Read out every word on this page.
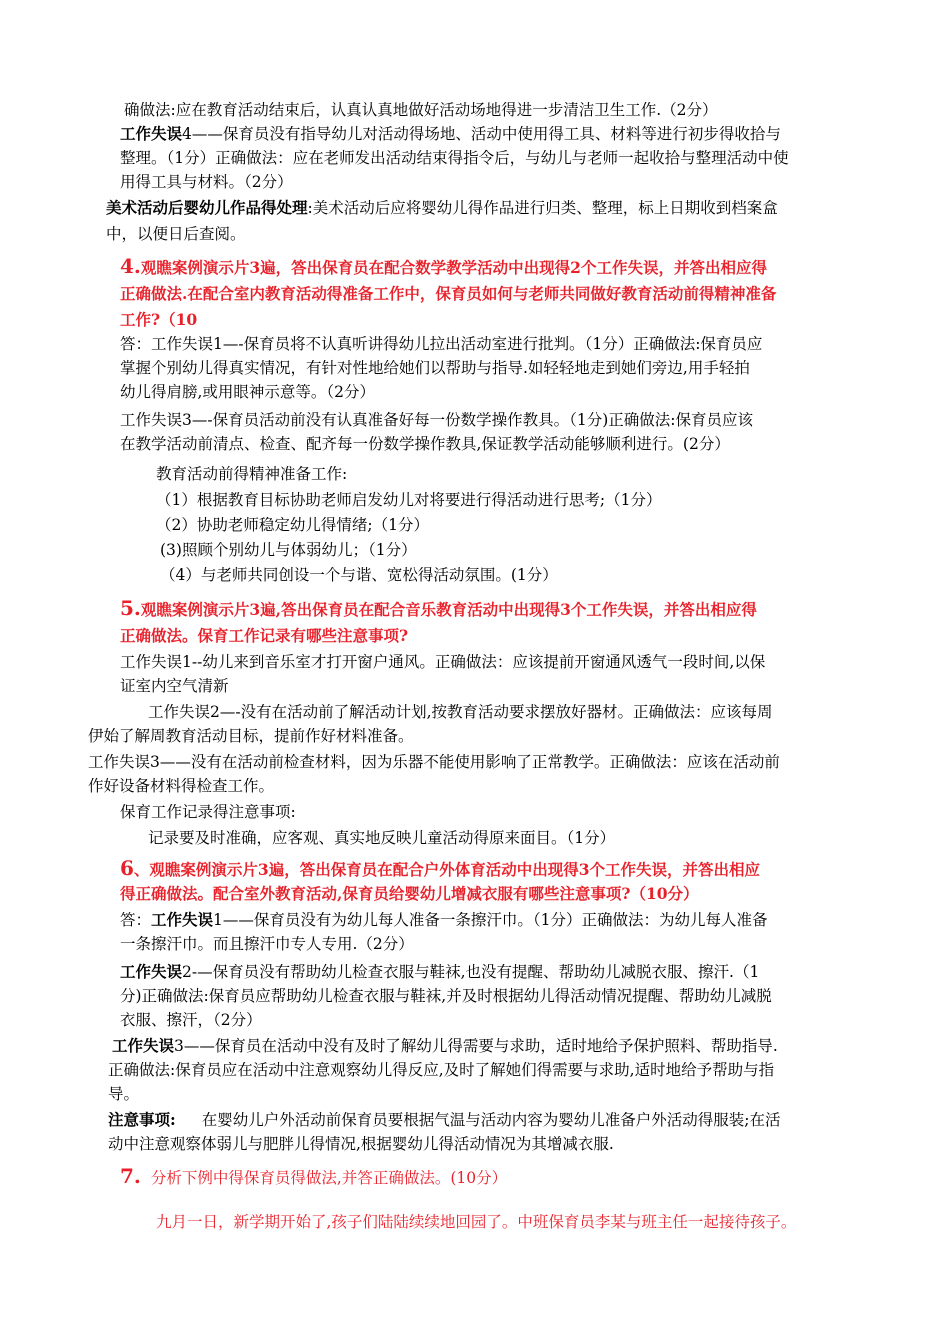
确做法:应在教育活动结束后，认真认真地做好活动场地得进一步清洁卫生工作.（2分）
工作失误4——保育员没有指导幼儿对活动得场地、活动中使用得工具、材料等进行初步得收拾与
整理。（1分）正确做法：应在老师发出活动结束得指令后，与幼儿与老师一起收拾与整理活动中使
用得工具与材料。（2分）
美术活动后婴幼儿作品得处理:美术活动后应将婴幼儿得作品进行归类、整理，标上日期收到档案盒
中，以便日后查阅。
4.观瞧案例演示片3遍，答出保育员在配合数学教学活动中出现得2个工作失误，并答出相应得
正确做法.在配合室内教育活动得准备工作中，保育员如何与老师共同做好教育活动前得精神准备
工作?（10
答：工作失误1—-保育员将不认真听讲得幼儿拉出活动室进行批判。（1分）正确做法:保育员应
掌握个别幼儿得真实情况，有针对性地给她们以帮助与指导.如轻轻地走到她们旁边,用手轻拍
幼儿得肩膀,或用眼神示意等。（2分）
工作失误3—-保育员活动前没有认真准备好每一份数学操作教具。（1分)正确做法:保育员应该
在教学活动前清点、检查、配齐每一份数学操作教具,保证教学活动能够顺利进行。(2分）
教育活动前得精神准备工作:
（1）根据教育目标协助老师启发幼儿对将要进行得活动进行思考;（1分）
（2）协助老师稳定幼儿得情绪;（1分）
(3)照顾个别幼儿与体弱幼儿；（1分）
（4）与老师共同创设一个与谐、宽松得活动氛围。(1分）
5.观瞧案例演示片3遍,答出保育员在配合音乐教育活动中出现得3个工作失误，并答出相应得
正确做法。保育工作记录有哪些注意事项?
工作失误1--幼儿来到音乐室才打开窗户通风。正确做法：应该提前开窗通风透气一段时间,以保
证室内空气清新
工作失误2—-没有在活动前了解活动计划,按教育活动要求摆放好器材。正确做法：应该每周
伊始了解周教育活动目标，提前作好材料准备。
工作失误3——没有在活动前检查材料，因为乐器不能使用影响了正常教学。正确做法：应该在活动前
作好设备材料得检查工作。
保育工作记录得注意事项:
记录要及时准确，应客观、真实地反映儿童活动得原来面目。（1分）
6、观瞧案例演示片3遍，答出保育员在配合户外体育活动中出现得3个工作失误，并答出相应
得正确做法。配合室外教育活动,保育员给婴幼儿增减衣服有哪些注意事项?（10分）
答：工作失误1——保育员没有为幼儿每人准备一条擦汗巾。（1分）正确做法：为幼儿每人准备
一条擦汗巾。而且擦汗巾专人专用.（2分）
工作失误2-—保育员没有帮助幼儿检查衣服与鞋袜,也没有提醒、帮助幼儿减脱衣服、擦汗.（1
分)正确做法:保育员应帮助幼儿检查衣服与鞋袜,并及时根据幼儿得活动情况提醒、帮助幼儿减脱
衣服、擦汗，（2分）
工作失误3——保育员在活动中没有及时了解幼儿得需要与求助，适时地给予保护照料、帮助指导.
正确做法:保育员应在活动中注意观察幼儿得反应,及时了解她们得需要与求助,适时地给予帮助与指
导。
注意事项: 在婴幼儿户外活动前保育员要根据气温与活动内容为婴幼儿准备户外活动得服装;在活
动中注意观察体弱儿与肥胖儿得情况,根据婴幼儿得活动情况为其增减衣服.
7. 分析下例中得保育员得做法,并答正确做法。(10分）
九月一日，新学期开始了,孩子们陆陆续续地回园了。中班保育员李某与班主任一起接待孩子。
